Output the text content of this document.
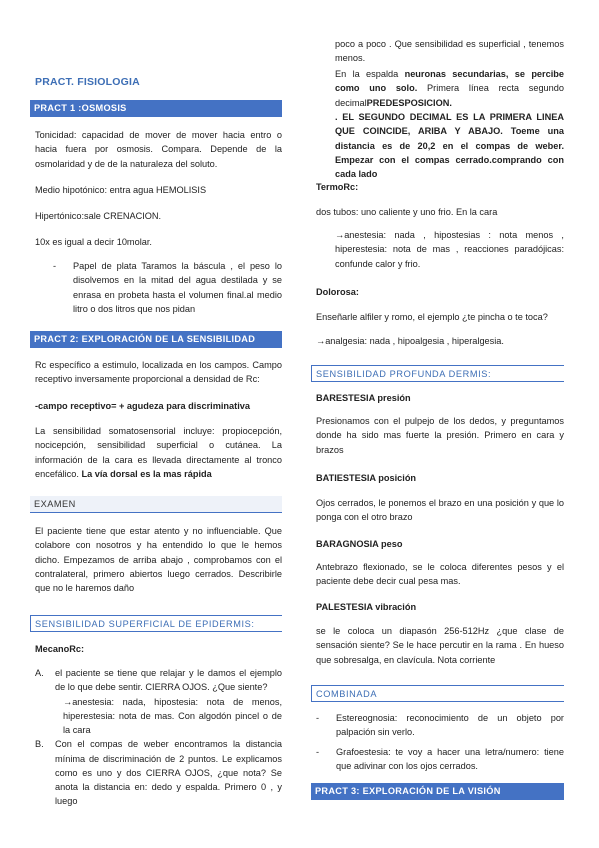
PRACT. FISIOLOGIA
PRACT 1 :OSMOSIS

Tonicidad: capacidad de mover de mover hacia entro o hacia fuera por osmosis. Compara. Depende de la osmolaridad y de de la naturaleza del soluto.

Medio hipotónico: entra agua HEMOLISIS

Hipertónico:sale CRENACION.

10x es igual a decir 10molar.

- Papel de plata Taramos la báscula , el peso lo disolvemos en la mitad del agua destilada y se enrasa en probeta hasta el volumen final.al medio litro o dos litros que nos pidan

PRACT 2: EXPLORACIÓN DE LA SENSIBILIDAD

Rc específico a estimulo, localizada en los campos. Campo receptivo inversamente proporcional a densidad de Rc:

-campo receptivo= + agudeza para discriminativa

La sensibilidad somatosensorial incluye: propiocepción, nocicepción, sensibilidad superficial o cutánea. La información de la cara es llevada directamente al tronco encefálico. La vía dorsal es la mas rápida

EXAMEN

El paciente tiene que estar atento y no influenciable. Que colabore con nosotros y ha entendido lo que le hemos dicho. Empezamos de arriba abajo , comprobamos con el contralateral, primero abiertos luego cerrados. Describirle que no le haremos daño

SENSIBILIDAD SUPERFICIAL DE EPIDERMIS:

MecanoRc:

A. el paciente se tiene que relajar y le damos el ejemplo de lo que debe sentir. CIERRA OJOS. ¿Que siente?

→anestesia: nada, hipostesia: nota de menos, hiperestesia: nota de mas. Con algodón pincel o de la cara

B. Con el compas de weber encontramos la distancia mínima de discriminación de 2 puntos. Le explicamos como es uno y dos CIERRA OJOS, ¿que nota? Se anota la distancia en: dedo y espalda. Primero 0 , y luego

poco a poco . Que sensibilidad es superficial , tenemos menos.

En la espalda neuronas secundarias, se percibe como uno solo. Primera línea recta segundo decimalPREDESPOSICION.

. EL SEGUNDO DECIMAL ES LA PRIMERA LINEA QUE COINCIDE, ARIBA Y ABAJO. Toeme una distancia es de 20,2 en el compas de weber. Empezar con el compas cerrado.comprando con cada lado

TermoRc:

dos tubos: uno caliente y uno frio. En la cara

→anestesia: nada , hipostesias : nota menos , hiperestesia: nota de mas , reacciones paradójicas: confunde calor y frio.

Dolorosa:

Enseñarle alfiler y romo, el ejemplo ¿te pincha o te toca?

→analgesia: nada , hipoalgesia , hiperalgesia.

SENSIBILIDAD PROFUNDA DERMIS:

BARESTESIA presión

Presionamos con el pulpejo de los dedos, y preguntamos donde ha sido mas fuerte la presión. Primero en cara y brazos

BATIESTESIA posición

Ojos cerrados, le ponemos el brazo en una posición y que lo ponga con el otro brazo

BARAGNOSIA peso

Antebrazo flexionado, se le coloca diferentes pesos y el paciente debe decir cual pesa mas.

PALESTESIA vibración

se le coloca un diapasón 256-512Hz ¿que clase de sensación siente? Se le hace percutir en la rama . En hueso que sobresalga, en clavícula. Nota corriente

COMBINADA
- Estereognosia: reconocimiento de un objeto por palpación sin verlo.

- Grafoestesia: te voy a hacer una letra/numero: tiene que adivinar con los ojos cerrados.

PRACT 3: EXPLORACIÓN DE LA VISIÓN
